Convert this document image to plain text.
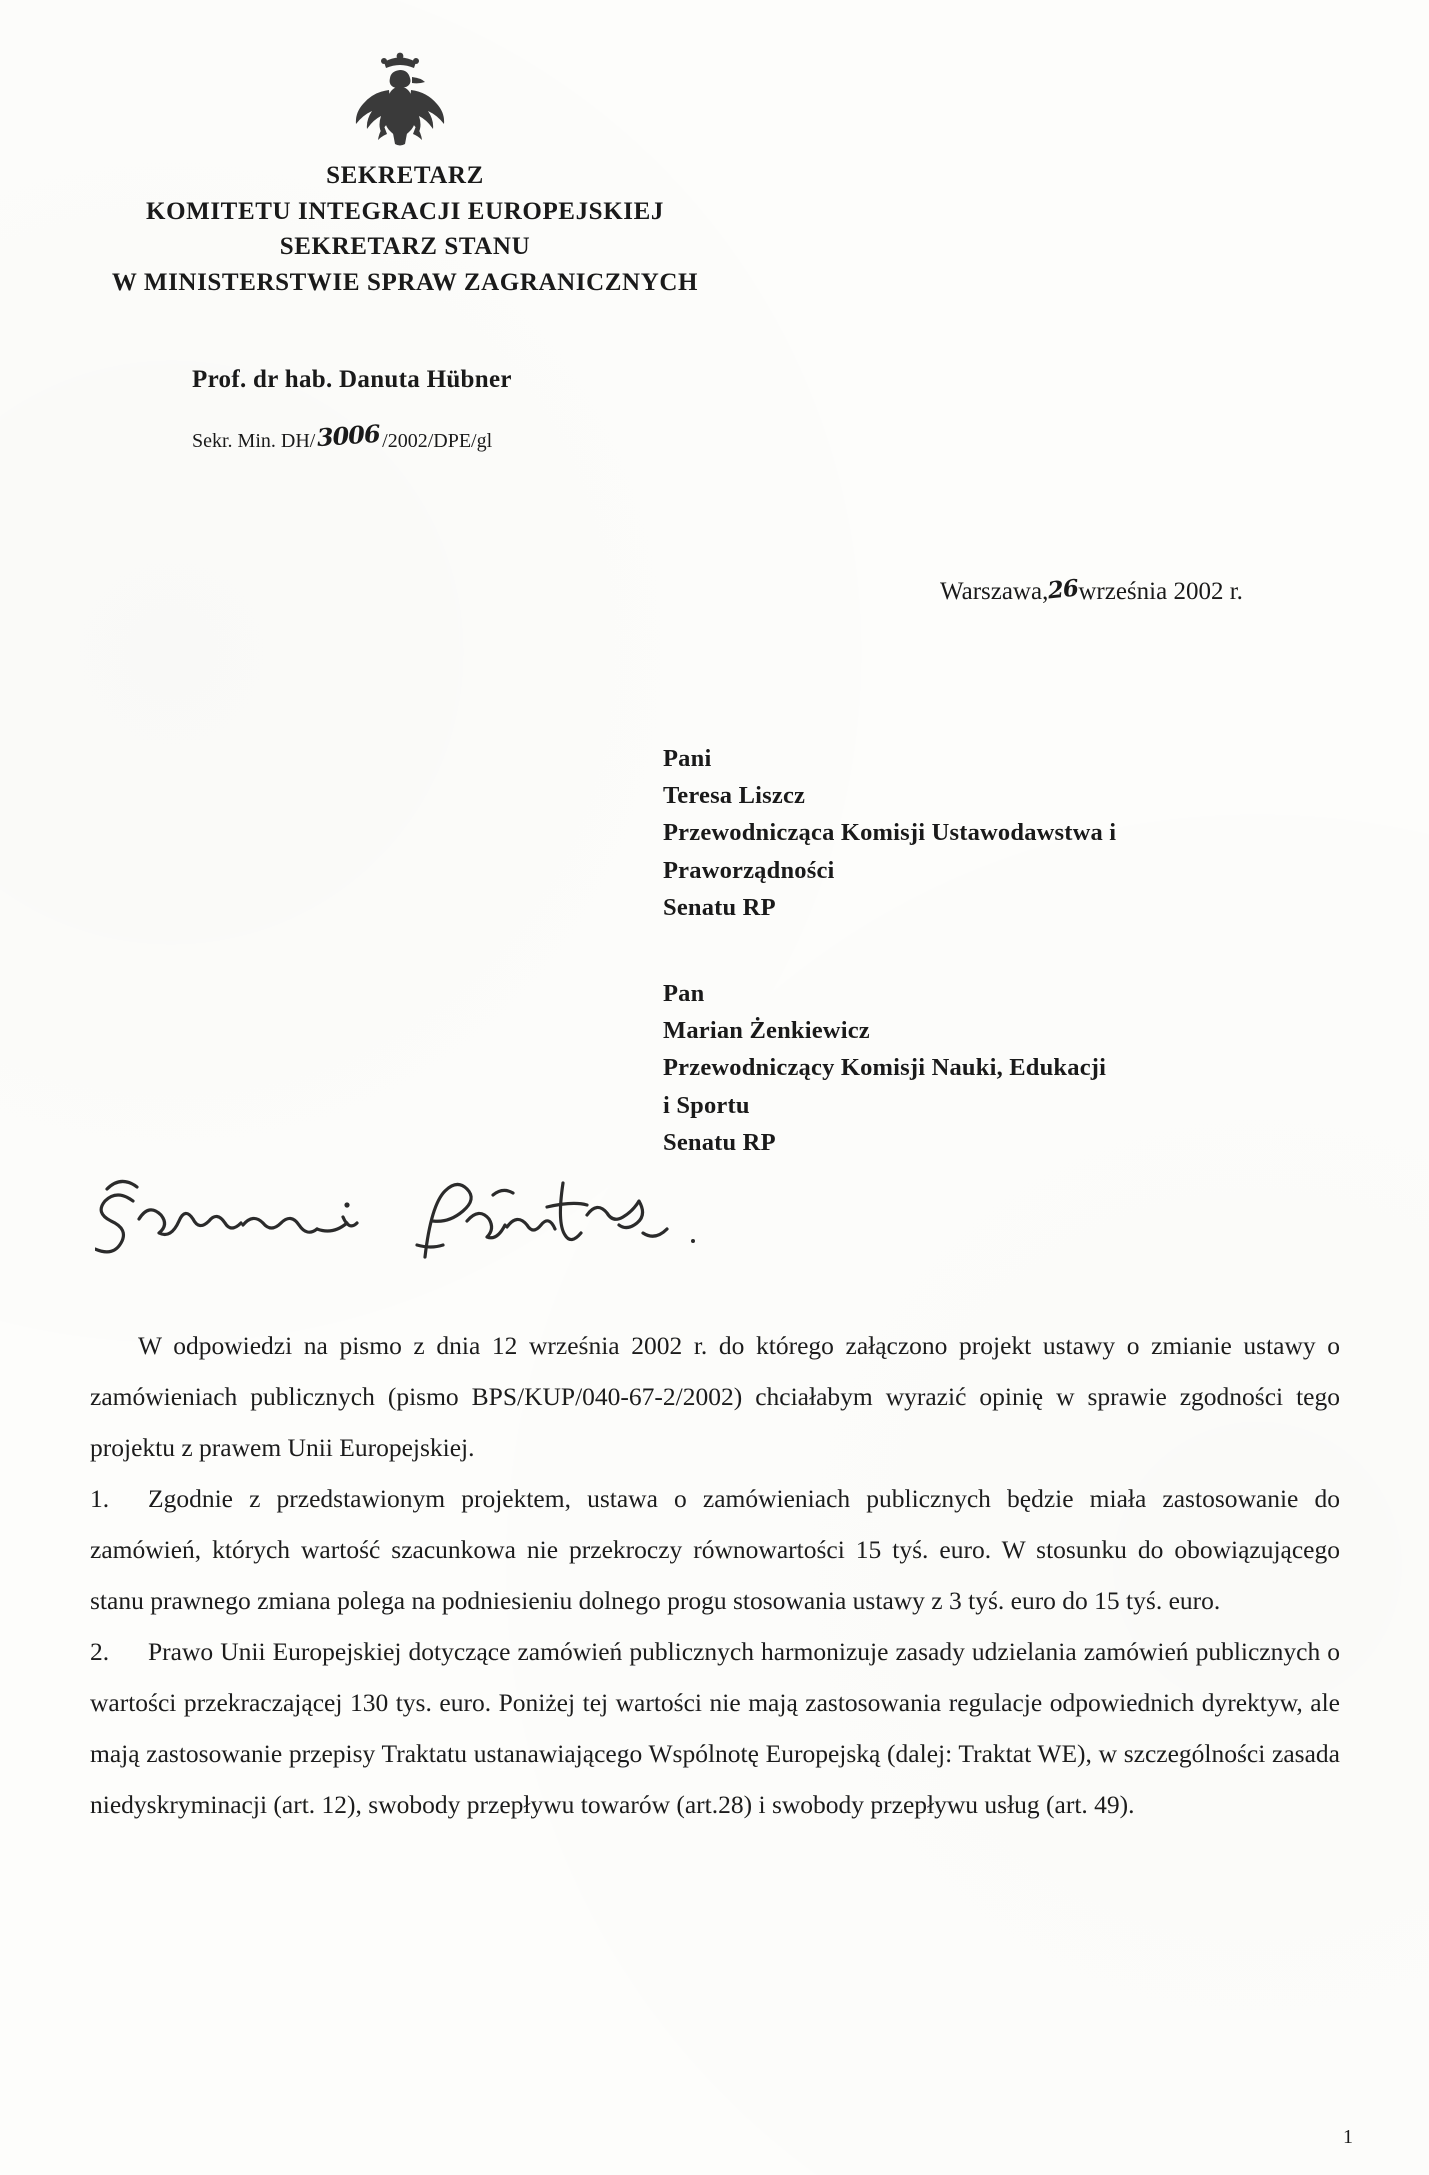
SEKRETARZ
KOMITETU INTEGRACJI EUROPEJSKIEJ
SEKRETARZ STANU
W MINISTERSTWIE SPRAW ZAGRANICZNYCH
Prof. dr hab. Danuta Hübner
Sekr. Min. DH/3006/2002/DPE/gl
Warszawa,26września 2002 r.
Pani
Teresa Liszcz
Przewodnicząca Komisji Ustawodawstwa i
Praworządności
Senatu RP
Pan
Marian Żenkiewicz
Przewodniczący Komisji Nauki, Edukacji
i Sportu
Senatu RP

W odpowiedzi na pismo z dnia 12 września 2002 r. do którego załączono projekt ustawy o zmianie ustawy o zamówieniach publicznych (pismo BPS/KUP/040-67-2/2002) chciałabym wyrazić opinię w sprawie zgodności tego projektu z prawem Unii Europejskiej.

1. Zgodnie z przedstawionym projektem, ustawa o zamówieniach publicznych będzie miała zastosowanie do zamówień, których wartość szacunkowa nie przekroczy równowartości 15 tyś. euro. W stosunku do obowiązującego stanu prawnego zmiana polega na podniesieniu dolnego progu stosowania ustawy z 3 tyś. euro do 15 tyś. euro.

2. Prawo Unii Europejskiej dotyczące zamówień publicznych harmonizuje zasady udzielania zamówień publicznych o wartości przekraczającej 130 tys. euro. Poniżej tej wartości nie mają zastosowania regulacje odpowiednich dyrektyw, ale mają zastosowanie przepisy Traktatu ustanawiającego Wspólnotę Europejską (dalej: Traktat WE), w szczególności zasada niedyskryminacji (art. 12), swobody przepływu towarów (art.28) i swobody przepływu usług (art. 49).

1
